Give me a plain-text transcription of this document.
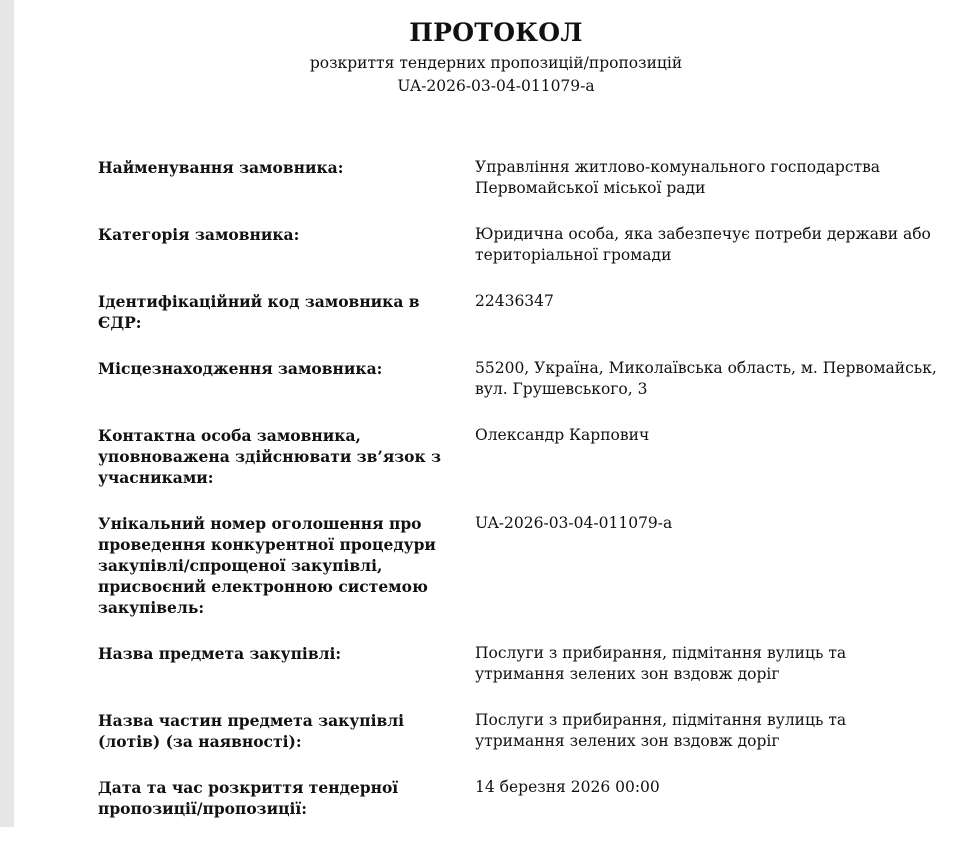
ПРОТОКОЛ
розкриття тендерних пропозицій/пропозицій
UA-2026-03-04-011079-a
Найменування замовника:	Управління житлово-комунального господарства Первомайської міської ради
Категорія замовника:	Юридична особа, яка забезпечує потреби держави або територіальної громади
Ідентифікаційний код замовника в ЄДР:
22436347
Місцезнаходження замовника:	55200, Україна, Миколаївська область, м. Первомайськ, вул. Грушевського, 3
Контактна особа замовника, уповноважена здійснювати зв’язок з учасниками:
Олександр Карпович
Унікальний номер оголошення про проведення конкурентної процедури закупівлі/спрощеної закупівлі, присвоєний електронною системою закупівель:
UA-2026-03-04-011079-a
Назва предмета закупівлі:	Послуги з прибирання, підмітання вулиць та утримання зелених зон вздовж доріг
Назва частин предмета закупівлі (лотів) (за наявності):
Послуги з прибирання, підмітання вулиць та утримання зелених зон вздовж доріг
Дата та час розкриття тендерної пропозиції/пропозиції:
14 березня 2026 00:00
